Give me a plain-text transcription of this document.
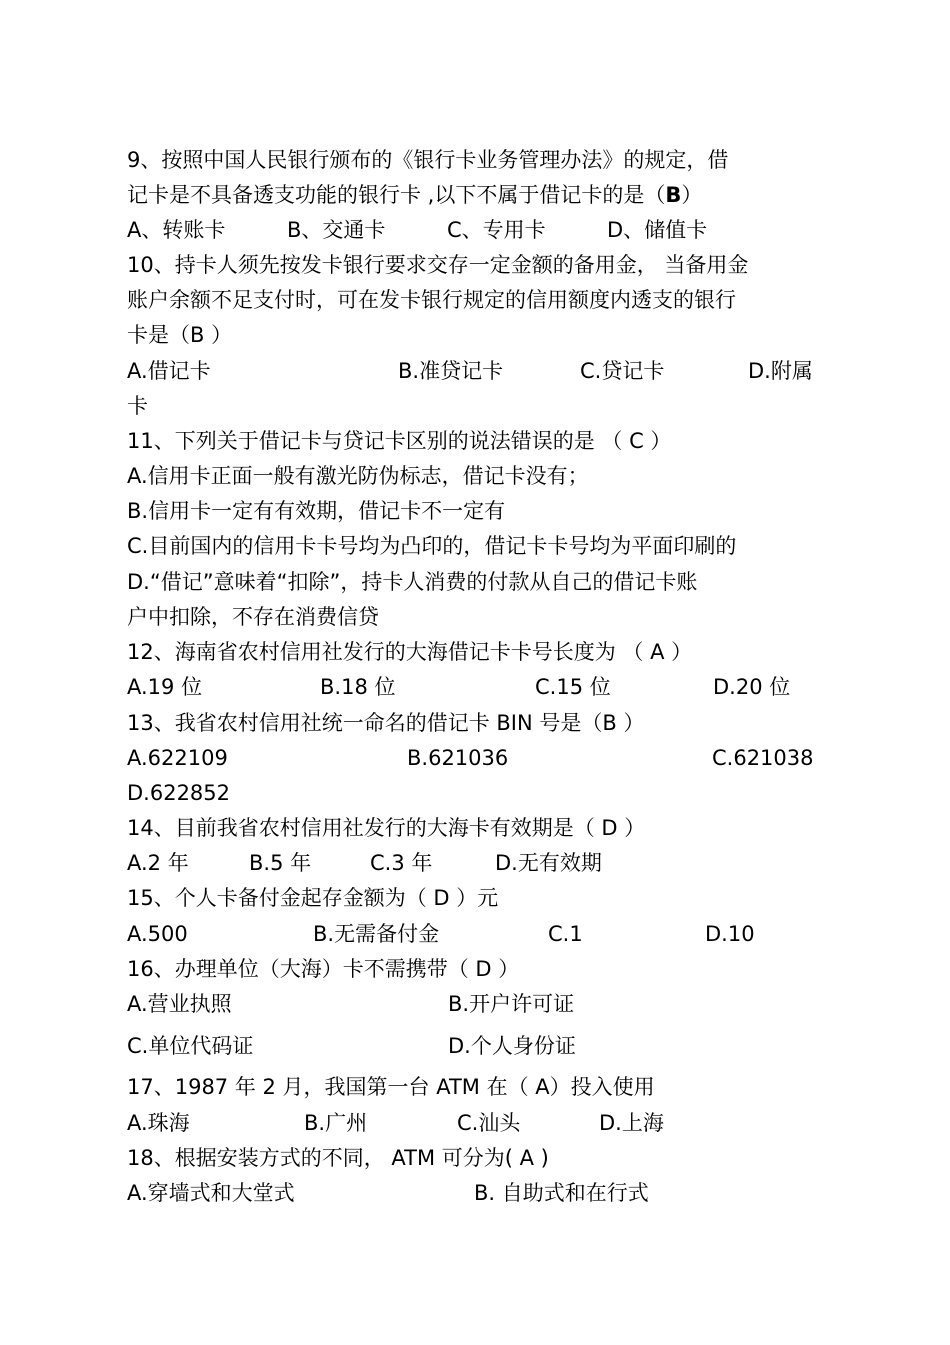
9、按照中国人民银行颁布的《银行卡业务管理办法》的规定，借
记卡是不具备透支功能的银行卡 ,以下不属于借记卡的是（B）
A、转账卡	B、交通卡	C、专用卡	D、储值卡
10、持卡人须先按发卡银行要求交存一定金额的备用金， 当备用金
账户余额不足支付时，可在发卡银行规定的信用额度内透支的银行
卡是（B ）
A.借记卡	B.准贷记卡	C.贷记卡	D.附属
卡
11、下列关于借记卡与贷记卡区别的说法错误的是 （ C ）
A.信用卡正面一般有激光防伪标志，借记卡没有；
B.信用卡一定有有效期，借记卡不一定有
C.目前国内的信用卡卡号均为凸印的，借记卡卡号均为平面印刷的
D.“借记”意味着“扣除”，持卡人消费的付款从自己的借记卡账
户中扣除，不存在消费信贷
12、海南省农村信用社发行的大海借记卡卡号长度为 （ A ）
A.19 位	B.18 位	C.15 位	D.20 位
13、我省农村信用社统一命名的借记卡 BIN 号是（B ）
A.622109	B.621036	C.621038
D.622852
14、目前我省农村信用社发行的大海卡有效期是（ D ）
A.2 年	B.5 年	C.3 年	D.无有效期
15、个人卡备付金起存金额为（ D ）元
A.500	B.无需备付金	C.1	D.10
16、办理单位（大海）卡不需携带（ D ）
A.营业执照	B.开户许可证
C.单位代码证	D.个人身份证
17、1987 年 2 月，我国第一台 ATM 在（ A）投入使用
A.珠海	B.广州	C.汕头	D.上海
18、根据安装方式的不同， ATM 可分为( A )
A.穿墙式和大堂式	B. 自助式和在行式
